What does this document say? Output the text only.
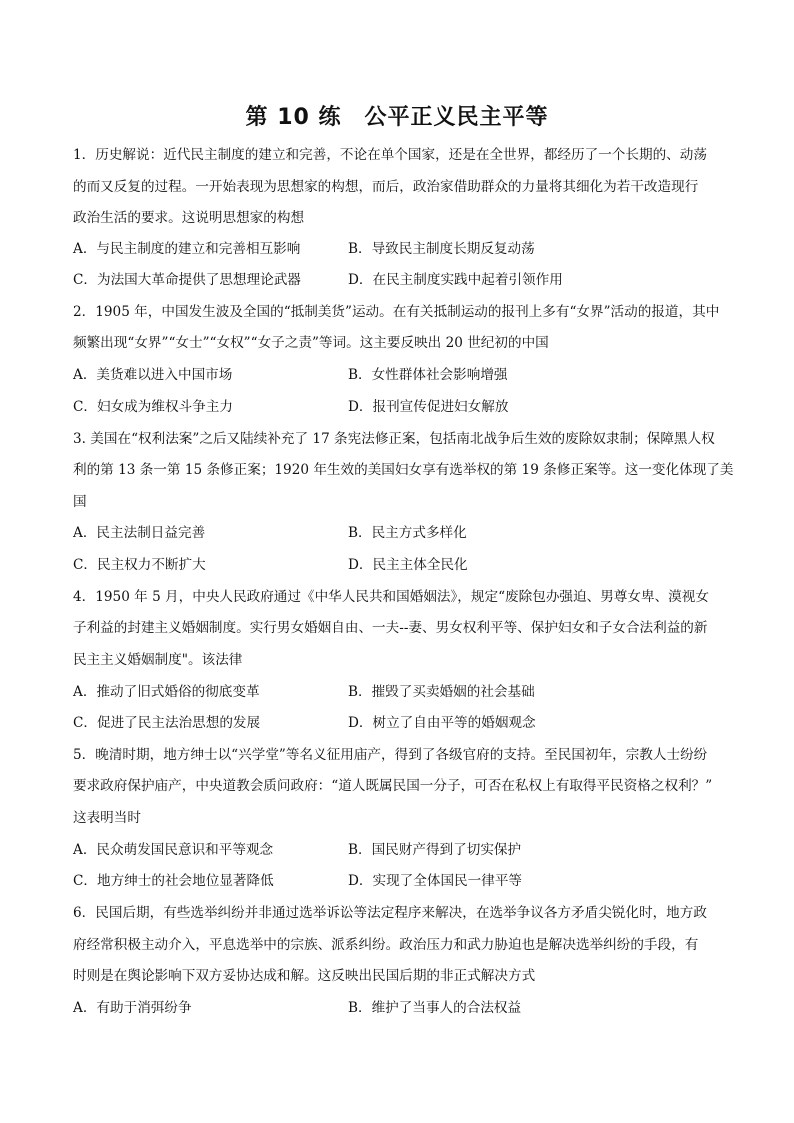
第 10 练　公平正义民主平等
1．历史解说：近代民主制度的建立和完善，不论在单个国家，还是在全世界，都经历了一个长期的、动荡
的而又反复的过程。一开始表现为思想家的构想，而后，政治家借助群众的力量将其细化为若干改造现行
政治生活的要求。这说明思想家的构想
A．与民主制度的建立和完善相互影响	B．导致民主制度长期反复动荡
C．为法国大革命提供了思想理论武器	D．在民主制度实践中起着引领作用
2．1905 年，中国发生波及全国的“抵制美货”运动。在有关抵制运动的报刊上多有“女界”活动的报道，其中
频繁出现“女界”“女士”“女权”“女子之责”等词。这主要反映出 20 世纪初的中国
A．美货难以进入中国市场	B．女性群体社会影响增强
C．妇女成为维权斗争主力	D．报刊宣传促进妇女解放
3. 美国在“权利法案”之后又陆续补充了 17 条宪法修正案，包括南北战争后生效的废除奴隶制；保障黑人权
利的第 13 条一第 15 条修正案；1920 年生效的美国妇女享有选举权的第 19 条修正案等。这一变化体现了美
国
A．民主法制日益完善	B．民主方式多样化
C．民主权力不断扩大	D．民主主体全民化
4．1950 年 5 月，中央人民政府通过《中华人民共和国婚姻法》，规定“废除包办强迫、男尊女卑、漠视女
子利益的封建主义婚姻制度。实行男女婚姻自由、一夫--妻、男女权利平等、保护妇女和子女合法利益的新
民主主义婚姻制度"。该法律
A．推动了旧式婚俗的彻底变革	B．摧毁了买卖婚姻的社会基础
C．促进了民主法治思想的发展	D．树立了自由平等的婚姻观念
5．晚清时期，地方绅士以“兴学堂”等名义征用庙产，得到了各级官府的支持。至民国初年，宗教人士纷纷
要求政府保护庙产，中央道教会质问政府：“道人既属民国一分子，可否在私权上有取得平民资格之权利？”
这表明当时
A．民众萌发国民意识和平等观念	B．国民财产得到了切实保护
C．地方绅士的社会地位显著降低	D．实现了全体国民一律平等
6．民国后期，有些选举纠纷并非通过选举诉讼等法定程序来解决，在选举争议各方矛盾尖锐化时，地方政
府经常积极主动介入，平息选举中的宗族、派系纠纷。政治压力和武力胁迫也是解决选举纠纷的手段，有
时则是在舆论影响下双方妥协达成和解。这反映出民国后期的非正式解决方式
A．有助于消弭纷争	B．维护了当事人的合法权益
